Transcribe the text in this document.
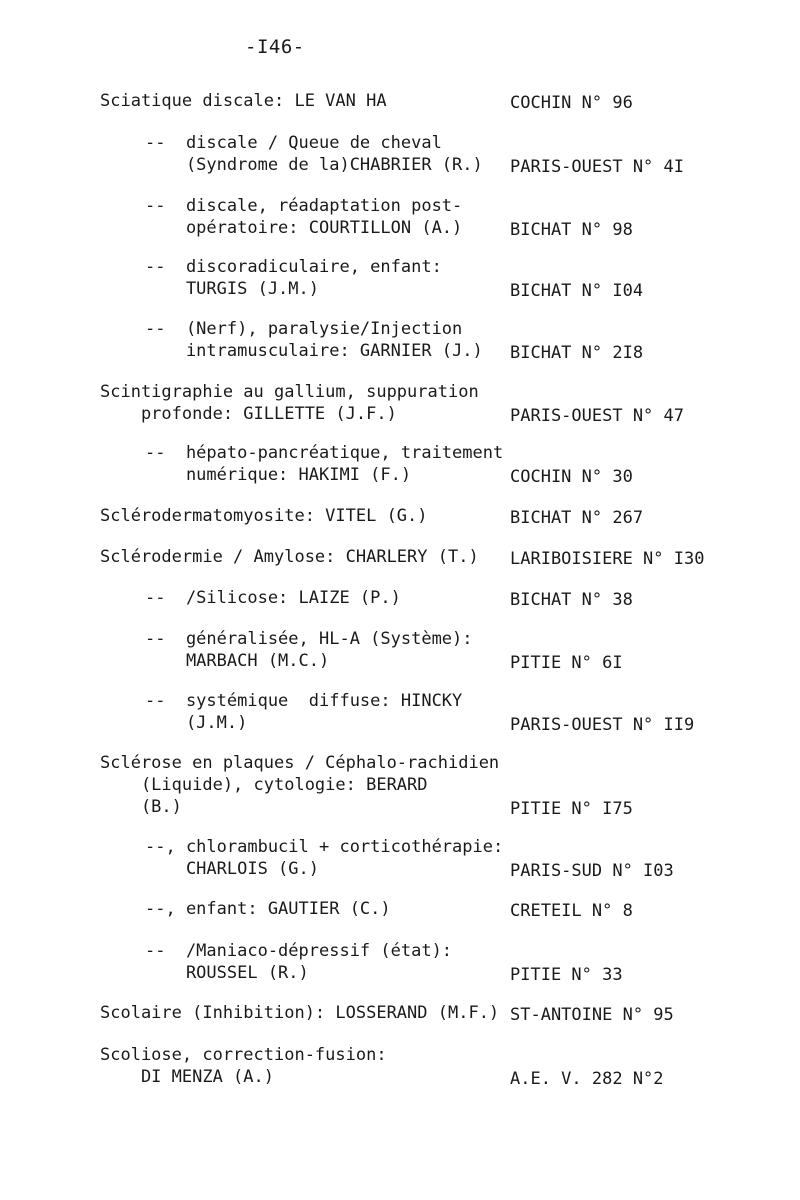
-I46-
Sciatique discale: LE VAN HA	COCHIN N° 96
--  discale / Queue de cheval
(Syndrome de la)CHABRIER (R.) PARIS-OUEST N° 4I
--  discale, réadaptation post-
opératoire: COURTILLON (A.)	BICHAT N° 98
--  discoradiculaire, enfant:
TURGIS (J.M.)	BICHAT N° I04
--  (Nerf), paralysie/Injection
intramusculaire: GARNIER (J.) BICHAT N° 2I8
Scintigraphie au gallium, suppuration
profonde: GILLETTE (J.F.)	PARIS-OUEST N° 47
--  hépato-pancréatique, traitement
numérique: HAKIMI (F.)	COCHIN N° 30
Sclérodermatomyosite: VITEL (G.)	BICHAT N° 267
Sclérodermie / Amylose: CHARLERY (T.) LARIBOISIERE N° I30
--  /Silicose: LAIZE (P.)	BICHAT N° 38
--  généralisée, HL-A (Système):
MARBACH (M.C.)	PITIE N° 6I
--  systémique  diffuse: HINCKY
(J.M.)	PARIS-OUEST N° II9
Sclérose en plaques / Céphalo-rachidien
(Liquide), cytologie: BERARD
(B.)	PITIE N° I75
--, chlorambucil + corticothérapie:
CHARLOIS (G.)	PARIS-SUD N° I03
--, enfant: GAUTIER (C.)	CRETEIL N° 8
--  /Maniaco-dépressif (état):
ROUSSEL (R.)	PITIE N° 33
Scolaire (Inhibition): LOSSERAND (M.F.) ST-ANTOINE N° 95
Scoliose, correction-fusion:
DI MENZA (A.)	A.E. V. 282 N°2
